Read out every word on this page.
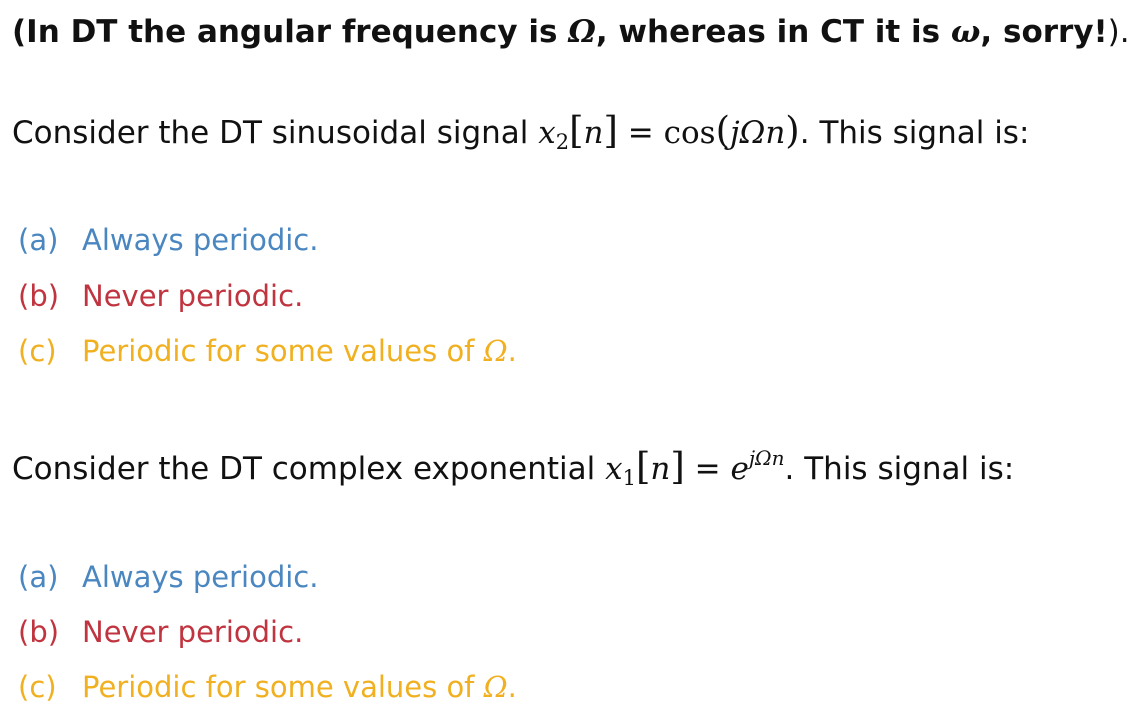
(In DT the angular frequency is Ω, whereas in CT it is ω, sorry!).
Consider the DT sinusoidal signal $x_2[n] = \cos(j\Omega n)$. This signal is:
(a) Always periodic.
(b) Never periodic.
(c) Periodic for some values of Ω.
Consider the DT complex exponential $x_1[n] = e^{j\Omega n}$. This signal is:
(a) Always periodic.
(b) Never periodic.
(c) Periodic for some values of Ω.
